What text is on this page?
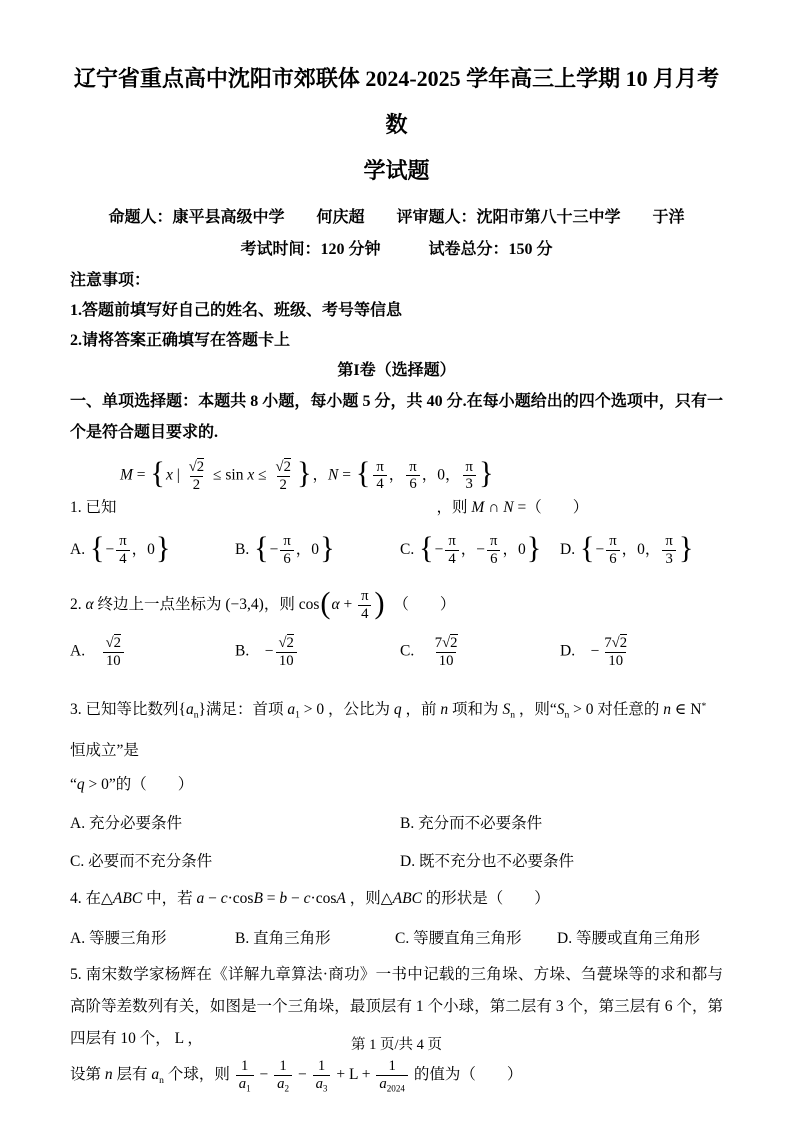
辽宁省重点高中沈阳市郊联体 2024-2025 学年高三上学期 10 月月考数
学试题

命题人：康平县高级中学　　何庆超　　评审题人：沈阳市第八十三中学　　于洋

考试时间：120 分钟　　　试卷总分：150 分

注意事项：

1.答题前填写好自己的姓名、班级、考号等信息

2.请将答案正确填写在答题卡上

第I卷（选择题）

一、单项选择题：本题共 8 小题，每小题 5 分，共 40 分.在每小题给出的四个选项中，只有一个是符合题目要求的.

M = {x | $\frac{√2}{2} \le \sin x \le \frac{√2}{2}$ }，N = { $\frac{\pi}{4}$ ， $\frac{\pi}{6}$ ，0， $\frac{\pi}{3}$ }
1. 已知	，则 M ∩ N =（　　）
A. {− $\frac{\pi}{4}$ ，0}	B. {− $\frac{\pi}{6}$ ，0}	C. {− $\frac{\pi}{4}$ ，− $\frac{\pi}{6}$ ，0}	D. {− $\frac{\pi}{6}$ ，0， $\frac{\pi}{3}$ }
2. α 终边上一点坐标为 (−3,4)，则 $\cos(\alpha + \frac{\pi}{4}$ )　（　　）
A.　 $\frac{√2}{10}$	B.　− $\frac{√2}{10}$	C.　 $\frac{7√2}{10}$	D.　− $\frac{7√2}{10}$
3. 已知等比数列$\{a_n\}$满足：首项 $a_1 > 0$ ，公比为 q ，前 n 项和为 $S_n$ ，则“$S_n > 0$ 对任意的 n ∈ N* 恒成立”是
“q > 0”的（　　）
A. 充分必要条件	B. 充分而不必要条件
C. 必要而不充分条件	D. 既不充分也不必要条件
4. 在△ABC 中，若 a − c·cosB = b − c·cosA ，则△ABC 的形状是（　　）
A. 等腰三角形	B. 直角三角形	C. 等腰直角三角形	D. 等腰或直角三角形

5. 南宋数学家杨辉在《详解九章算法·商功》一书中记载的三角垛、方垛、刍甍垛等的求和都与高阶等差数列有关，如图是一个三角垛，最顶层有 1 个小球，第二层有 3 个，第三层有 6 个，第四层有 10 个， L ，

设第 n 层有 $a_n$ 个球，则 $\frac{1}{a_1} - \frac{1}{a_2} - \frac{1}{a_3} + L + \frac{1}{a_{2024}}$ 的值为（　　）
第 1 页/共 4 页
